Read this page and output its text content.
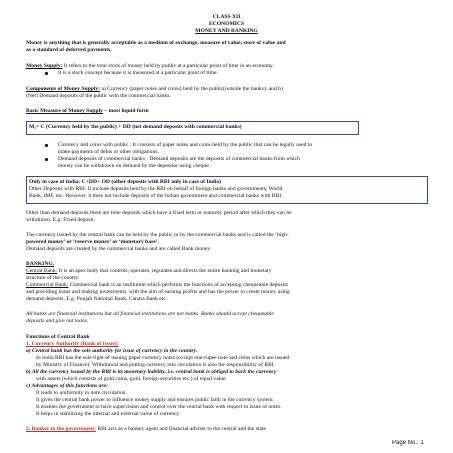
CLASS XII

ECONOMICS

MONEY AND BANKING

Money is anything that is generally acceptable as a medium of exchange, measure of value, store of value and

as a standard of deferred payments.

Money Supply: It refers to the total stock of money held by public at a particular point of time in an economy.

It is a stock concept because it is measured at a particular point of time.

Components of Money Supply: a) Currency (paper notes and coins) held by the public(outside the banks): and b)

(Net) Demand deposits of the public with the commercial banks.

Basic Measure of Money Supply – most liquid form

M₁= C (Currency held by the public) + DD (net demand deposits with commercial banks)

Currency and coins with public : It consists of paper notes and coins held by the public that can be legally used to

make payments of debts or other obligations.

Demand deposits of commercial banks : Demand deposits are the deposits of commercial banks from which

money can be withdrawn on demand by the depositor using cheque.

Only in case of India: C+DD+ OD (other deposits with RBI only in case of India)

Other Deposits with RBI: It include deposits held by the RBI on behalf of foreign banks and governments, World

Bank, IMF, etc. However, it does not include deposits of the Indian government and commercial banks with RBI.

Other than demand deposits there are time deposits which have a fixed term or maturity period after which they can be

withdrawn. E.g: Fixed deposit.

The currency issued by the central bank can be held by the public or by the commercial banks and is called the ‘high-

powered money’ or ‘reserve money’ or ‘monetary base’.

Demand deposits are created by the commercial banks and are called Bank money.

BANKING.

Central Bank: It is an apex body that controls, operates, regulates and directs the entire banking and monetary

structure of the country.

Commercial Bank: Commercial bank is an institution which performs the functions of accepting chequeable deposits

and providing loans and making investments, with the aim of earning profits and has the power to create money using

demand deposits. E.g. Punjab National Bank, Canara Bank etc.

All banks are financial institutions but all financial institutions are not banks. Banks should accept chequeable

deposits and give out loans.

Functions of Central Bank

1. Currency Authority (Bank of Issue):

a) Central bank has the sole authority for issue of currency in the country.

In India RBI has the sole right of issuing paper currency notes (except one-rupee note and coins which are issued

by Ministry of Finance). Withdrawal and putting currency into circulation is also the responsibility of RBI.

b) All the currency issued by the RBI is its monetary liability, i.e. central bank is obliged to back the currency

with assets (which consists of gold coins, gold, foreign securities etc.) of equal value.

c) Advantages of this functions are:

It leads to uniformity in note circulation.

It gives the central bank power to influence money supply and ensures public faith in the currency system.

It enables the government to have supervision and control over the central bank with respect to issue of notes.

It helps in stabilizing the internal and external value of currency.

2. Banker to the government: RBI acts as a banker, agent and financial adviser to the central and the state

Page No.: 1
